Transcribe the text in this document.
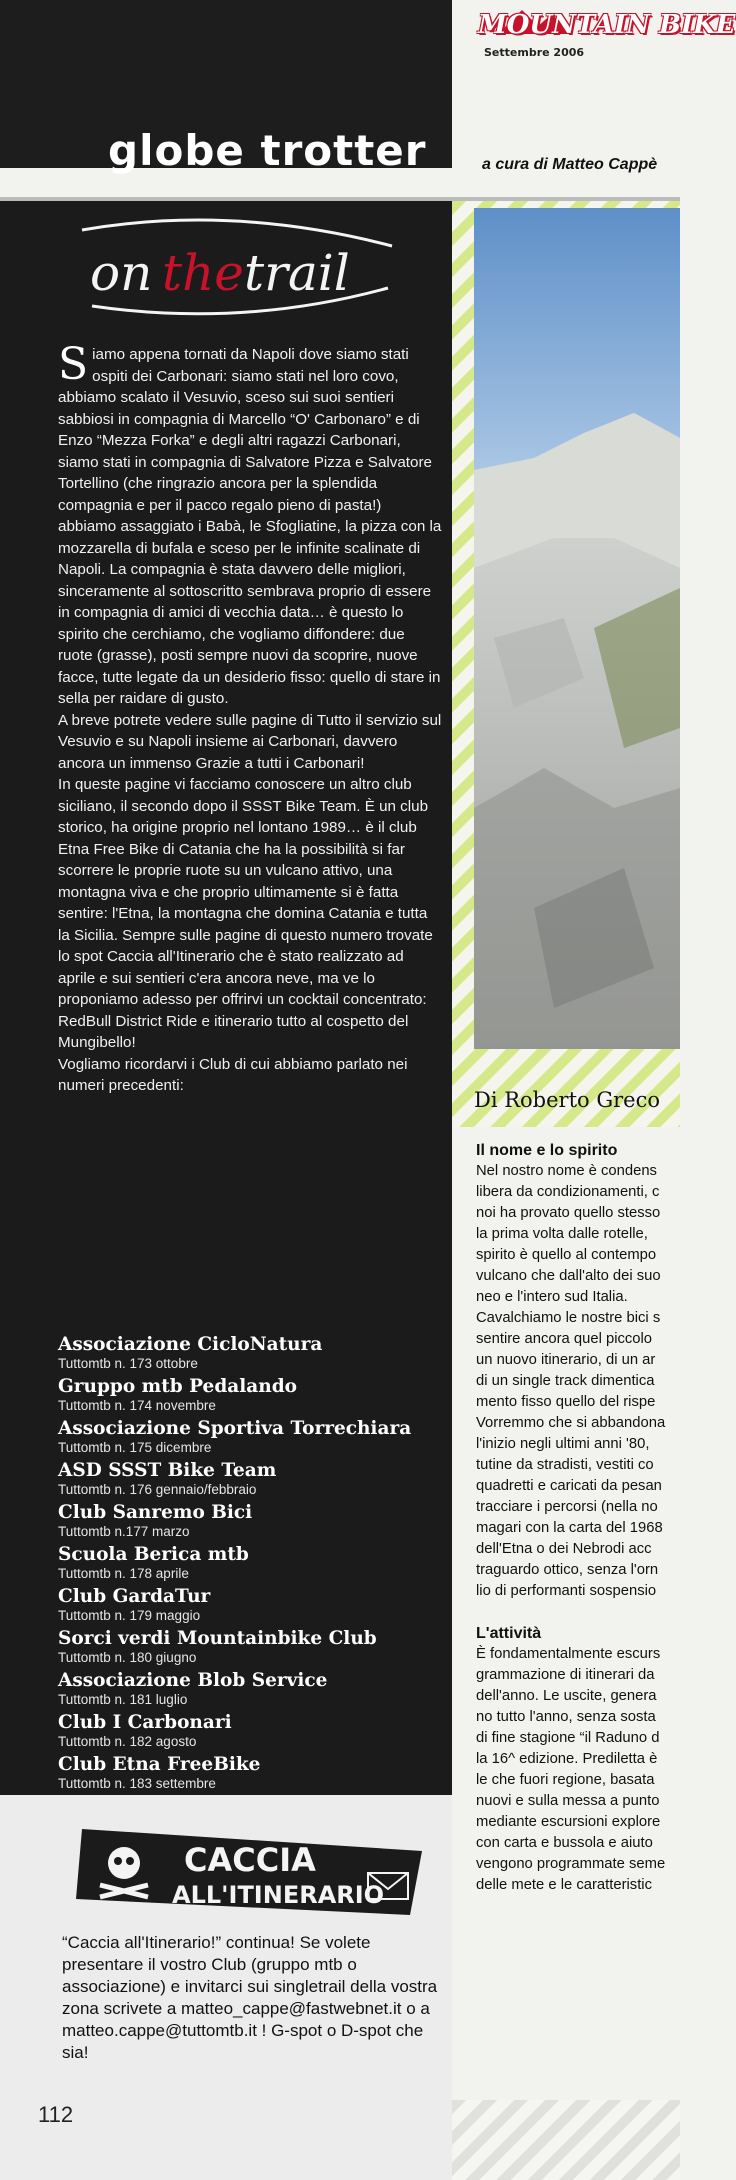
globe trotter
MOUNTAIN BIKE
Settembre 2006
a cura di Matteo Cappè
on the trail

Siamo appena tornati da Napoli dove siamo stati ospiti dei Carbonari: siamo stati nel loro covo, abbiamo scalato il Vesuvio, sceso sui suoi sentieri sabbiosi in compagnia di Marcello “O' Carbonaro” e di Enzo “Mezza Forka” e degli altri ragazzi Carbonari, siamo stati in compagnia di Salvatore Pizza e Salvatore Tortellino (che ringrazio ancora per la splendida compagnia e per il pacco regalo pieno di pasta!) abbiamo assaggiato i Babà, le Sfogliatine, la pizza con la mozzarella di bufala e sceso per le infinite scalinate di Napoli. La compagnia è stata davvero delle migliori, sinceramente al sottoscritto sembrava proprio di essere in compagnia di amici di vecchia data… è questo lo spirito che cerchiamo, che vogliamo diffondere: due ruote (grasse), posti sempre nuovi da scoprire, nuove facce, tutte legate da un desiderio fisso: quello di stare in sella per raidare di gusto.

A breve potrete vedere sulle pagine di Tutto il servizio sul Vesuvio e su Napoli insieme ai Carbonari, davvero ancora un immenso Grazie a tutti i Carbonari!

In queste pagine vi facciamo conoscere un altro club siciliano, il secondo dopo il SSST Bike Team. È un club storico, ha origine proprio nel lontano 1989… è il club Etna Free Bike di Catania che ha la possibilità si far scorrere le proprie ruote su un vulcano attivo, una montagna viva e che proprio ultimamente si è fatta sentire: l'Etna, la montagna che domina Catania e tutta la Sicilia. Sempre sulle pagine di questo numero trovate lo spot Caccia all'Itinerario che è stato realizzato ad aprile e sui sentieri c'era ancora neve, ma ve lo proponiamo adesso per offrirvi un cocktail concentrato: RedBull District Ride e itinerario tutto al cospetto del Mungibello!

Vogliamo ricordarvi i Club di cui abbiamo parlato nei numeri precedenti:

Associazione CicloNatura
Tuttomtb n. 173 ottobre
Gruppo mtb Pedalando
Tuttomtb n. 174 novembre
Associazione Sportiva Torrechiara
Tuttomtb n. 175 dicembre
ASD SSST Bike Team
Tuttomtb n. 176 gennaio/febbraio
Club Sanremo Bici
Tuttomtb n.177 marzo
Scuola Berica mtb
Tuttomtb n. 178 aprile
Club GardaTur
Tuttomtb n. 179 maggio
Sorci verdi Mountainbike Club
Tuttomtb n. 180 giugno
Associazione Blob Service
Tuttomtb n. 181 luglio
Club I Carbonari
Tuttomtb n. 182 agosto
Club Etna FreeBike
Tuttomtb n. 183 settembre
CACCIA
ALL'ITINERARIO
“Caccia all'Itinerario!” continua! Se volete presentare il vostro Club (gruppo mtb o associazione) e invitarci sui singletrail della vostra zona scrivete a matteo_cappe@fastwebnet.it o a matteo.cappe@tuttomtb.it ! G-spot o D-spot che sia!
112
Di Roberto Greco
Il nome e lo spirito
Nel nostro nome è condens
libera da condizionamenti, c
noi ha provato quello stesso
la prima volta dalle rotelle,
spirito è quello al contempo
vulcano che dall'alto dei suo
neo e l'intero sud Italia.
Cavalchiamo le nostre bici s
sentire ancora quel piccolo
un nuovo itinerario, di un ar
di un single track dimentica
mento fisso quello del rispe
Vorremmo che si abbandona
l'inizio negli ultimi anni '80,
tutine da stradisti, vestiti co
quadretti e caricati da pesan
tracciare i percorsi (nella no
magari con la carta del 1968
dell'Etna o dei Nebrodi acc
traguardo ottico, senza l'orn
lio di performanti sospensio
L'attività
È fondamentalmente escurs
grammazione di itinerari da
dell'anno. Le uscite, genera
no tutto l'anno, senza sosta
di fine stagione “il Raduno d
la 16^ edizione. Prediletta è
le che fuori regione, basata
nuovi e sulla messa a punto
mediante escursioni explore
con carta e bussola e aiuto
vengono programmate seme
delle mete e le caratteristic
